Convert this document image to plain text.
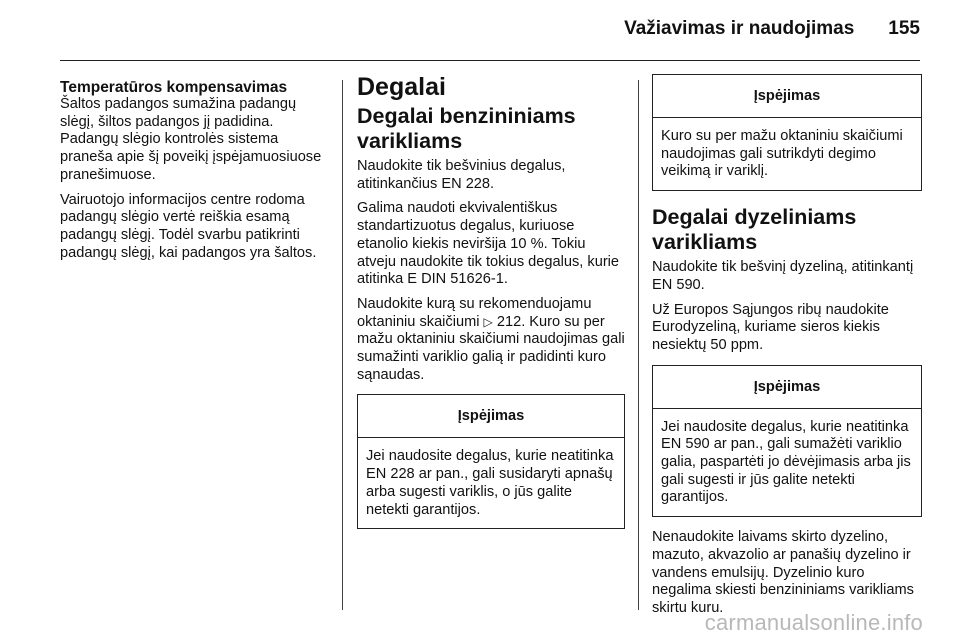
Važiavimas ir naudojimas 155
Temperatūros kompensavimas

Šaltos padangos sumažina padangų slėgį, šiltos padangos jį padidina. Padangų slėgio kontrolės sistema praneša apie šį poveikį įspėjamuosiuose pranešimuose.

Vairuotojo informacijos centre rodoma padangų slėgio vertė reiškia esamą padangų slėgį. Todėl svarbu patikrinti padangų slėgį, kai padangos yra šaltos.

Degalai
Degalai benzininiams varikliams

Naudokite tik bešvinius degalus, atitinkančius EN 228.

Galima naudoti ekvivalentiškus standartizuotus degalus, kuriuose etanolio kiekis neviršija 10 %. Tokiu atveju naudokite tik tokius degalus, kurie atitinka E DIN 51626-1.

Naudokite kurą su rekomenduojamu oktaniniu skaičiumi ▷ 212. Kuro su per mažu oktaniniu skaičiumi naudojimas gali sumažinti variklio galią ir padidinti kuro sąnaudas.

Įspėjimas
Jei naudosite degalus, kurie neatitinka EN 228 ar pan., gali susidaryti apnašų arba sugesti variklis, o jūs galite netekti garantijos.
Įspėjimas
Kuro su per mažu oktaniniu skaičiumi naudojimas gali sutrikdyti degimo veikimą ir variklį.
Degalai dyzeliniams varikliams

Naudokite tik bešvinį dyzeliną, atitinkantį EN 590.

Už Europos Sąjungos ribų naudokite Eurodyzeliną, kuriame sieros kiekis nesiektų 50 ppm.

Įspėjimas
Jei naudosite degalus, kurie neatitinka EN 590 ar pan., gali sumažėti variklio galia, paspartėti jo dėvėjimasis arba jis gali sugesti ir jūs galite netekti garantijos.

Nenaudokite laivams skirto dyzelino, mazuto, akvazolio ar panašių dyzelino ir vandens emulsijų. Dyzelinio kuro negalima skiesti benzininiams varikliams skirtu kuru.

carmanualsonline.info
